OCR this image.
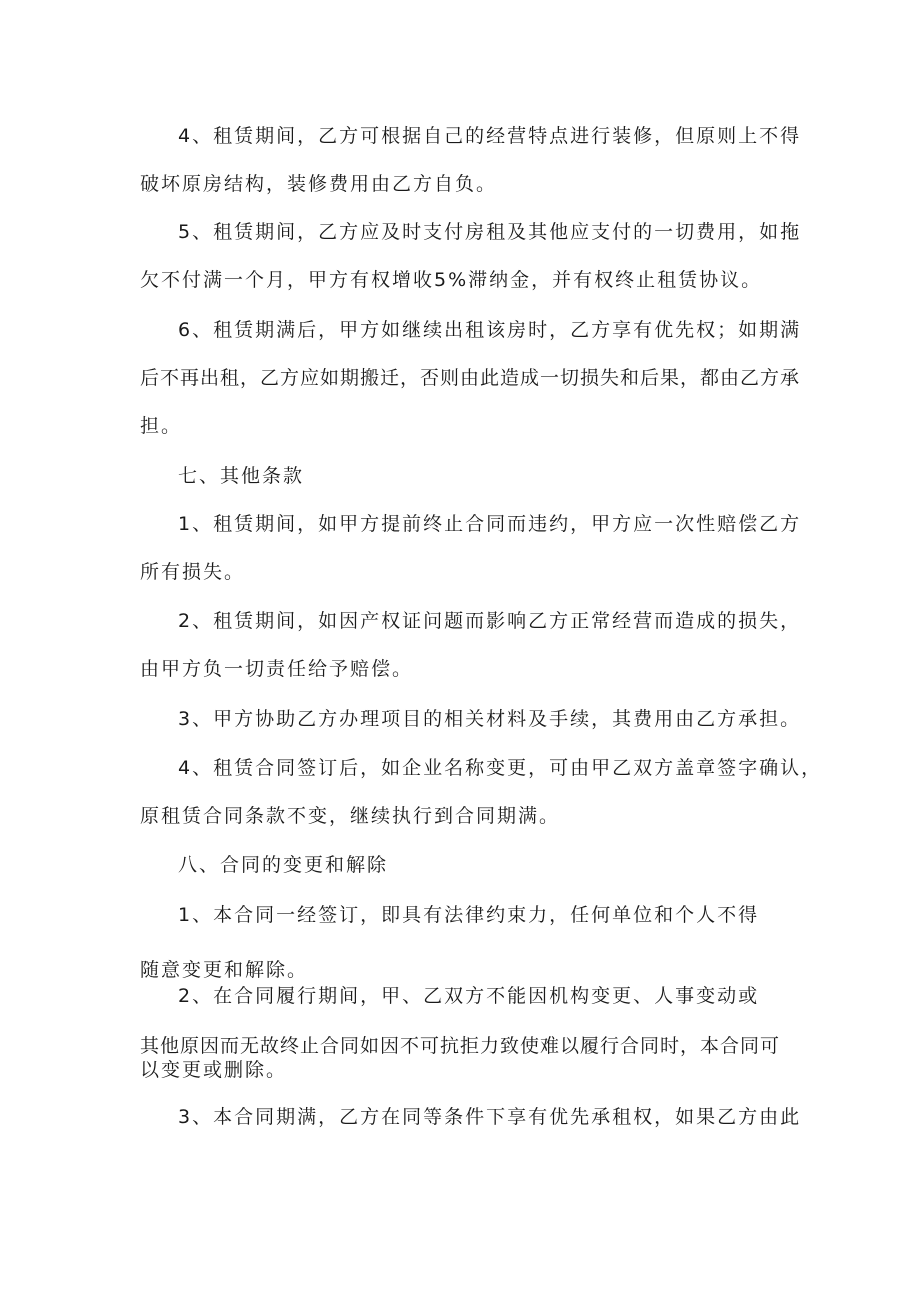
4、租赁期间，乙方可根据自己的经营特点进行装修，但原则上不得
破坏原房结构，装修费用由乙方自负。
5、租赁期间，乙方应及时支付房租及其他应支付的一切费用，如拖
欠不付满一个月，甲方有权增收5%滞纳金，并有权终止租赁协议。
6、租赁期满后，甲方如继续出租该房时，乙方享有优先权；如期满
后不再出租，乙方应如期搬迁，否则由此造成一切损失和后果，都由乙方承
担。
七、其他条款
1、租赁期间，如甲方提前终止合同而违约，甲方应一次性赔偿乙方
所有损失。
2、租赁期间，如因产权证问题而影响乙方正常经营而造成的损失，
由甲方负一切责任给予赔偿。
3、甲方协助乙方办理项目的相关材料及手续，其费用由乙方承担。
4、租赁合同签订后，如企业名称变更，可由甲乙双方盖章签字确认，
原租赁合同条款不变，继续执行到合同期满。
八、合同的变更和解除
1、本合同一经签订，即具有法律约束力，任何单位和个人不得
随意变更和解除。
2、在合同履行期间，甲、乙双方不能因机构变更、人事变动或
其他原因而无故终止合同如因不可抗拒力致使难以履行合同时，本合同可
以变更或删除。
3、本合同期满，乙方在同等条件下享有优先承租权，如果乙方由此
